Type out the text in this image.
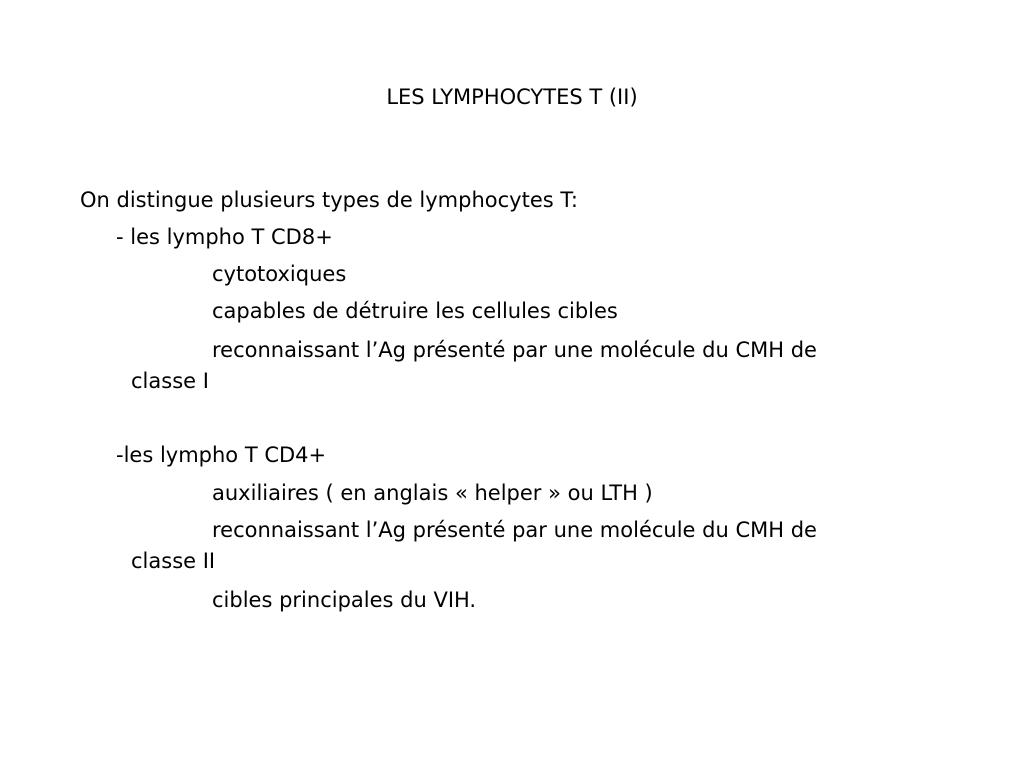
LES LYMPHOCYTES T (II)
On distingue plusieurs types de lymphocytes T:
- les lympho T CD8+
cytotoxiques
capables de détruire les cellules cibles
reconnaissant l’Ag présenté par une molécule du CMH de
classe I
-les lympho T CD4+
auxiliaires ( en anglais « helper » ou LTH )
reconnaissant l’Ag présenté par une molécule du CMH de
classe II
cibles principales du VIH.
